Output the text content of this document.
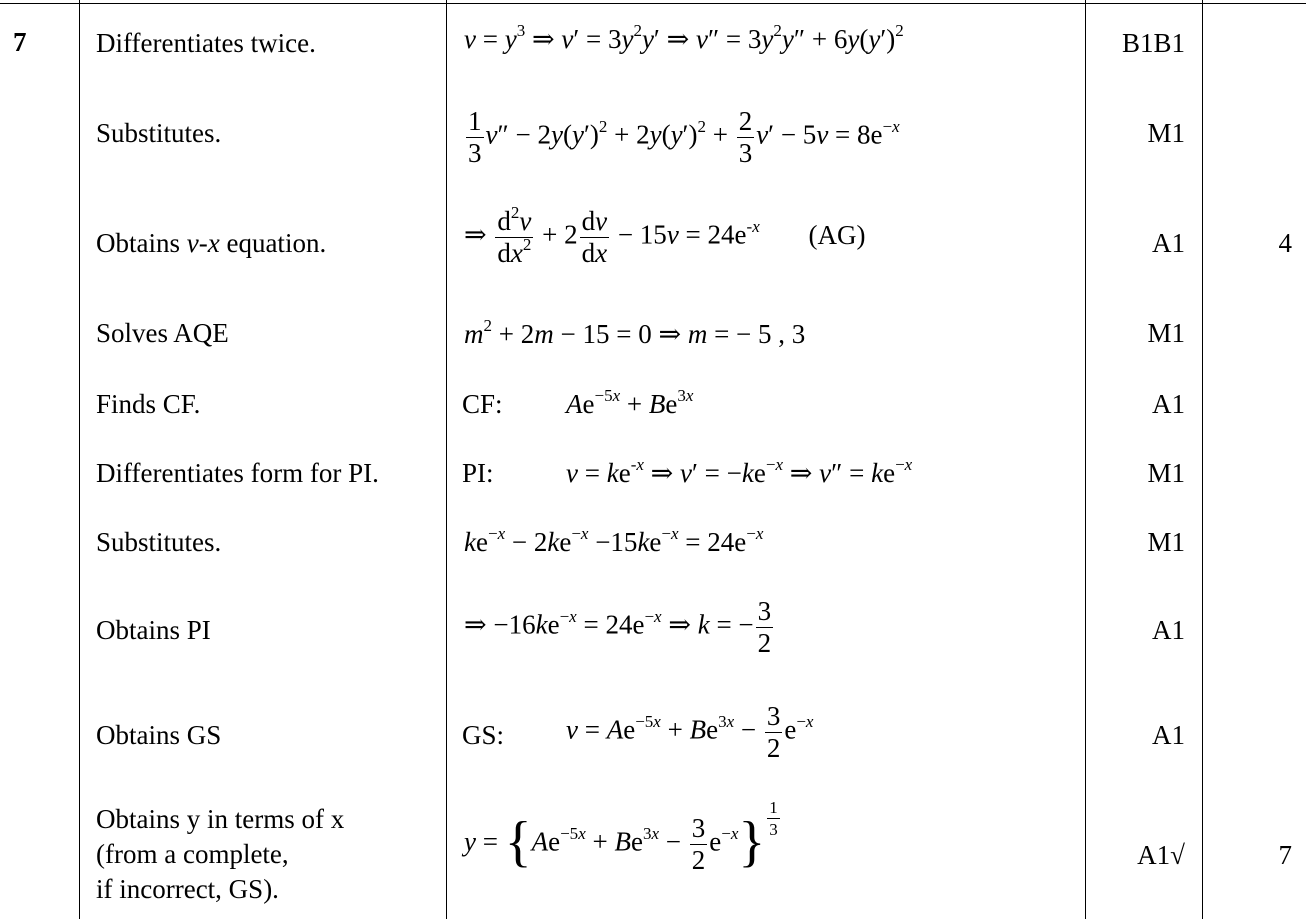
7	Differentiates twice.
Substitutes.
Obtains v-x equation.
Solves AQE
Finds CF.
Differentiates form for PI.
Substitutes.
Obtains PI
Obtains GS
Obtains y in terms of x
(from a complete,
if incorrect, GS).
$v = y^3$ ⇒ $v' = 3y^2y'$ ⇒ $v'' = 3y^2y'' + 6y(y')^2$
$\frac{1}{3} v'' - 2y(y')^2 + 2y(y')^2 + \frac{2}{3} v' - 5v = 8e^{-x}$
⇒ $\frac{d^2v}{dx^2} + 2 \frac{dv}{dx} - 15v = 24e^{-x}$ (AG)
$m^2 + 2m - 15 = 0$ ⇒ m = − 5 , 3
CF: $Ae^{-5x} + Be^{3x}$
PI:	$v = ke^{-x}$ ⇒ $v' = -ke^{-x}$ ⇒ $v'' = ke^{-x}$
$ke^{-x} - 2ke^{-x} -15ke^{-x} = 24e^{-x}$
⇒ $-16ke^{-x} = 24e^{-x}$ ⇒ k = − $\frac{3}{2}$
GS: $v = Ae^{-5x} + Be^{3x} - \frac{3}{2} e^{-x}$
$y = \{Ae^{-5x} + Be^{3x} - \frac{3}{2} e^{-x}\} \frac{1}{3}$
B1B1
M1
A1
M1
A1
M1
M1
A1
A1
A1√
4
7
